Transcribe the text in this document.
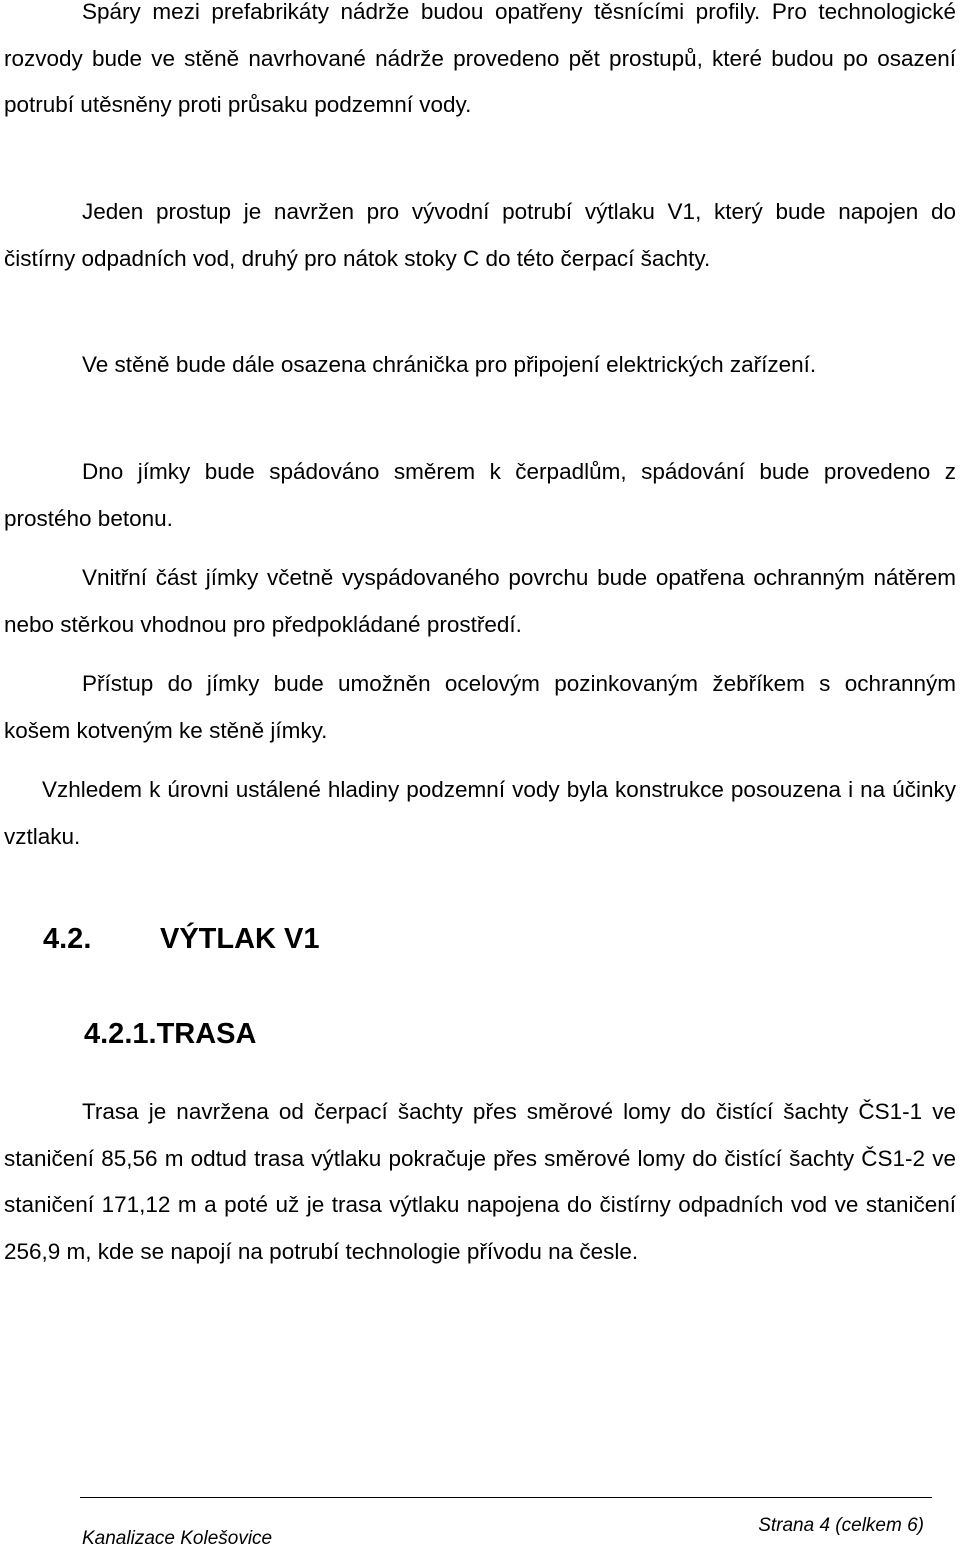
Spáry mezi prefabrikáty nádrže budou opatřeny těsnícími profily. Pro technologické rozvody bude ve stěně navrhované nádrže provedeno pět prostupů, které budou po osazení potrubí utěsněny proti průsaku podzemní vody.

Jeden prostup je navržen pro vývodní potrubí výtlaku V1, který bude napojen do čistírny odpadních vod, druhý pro nátok stoky C do této čerpací šachty.

Ve stěně bude dále osazena chránička pro připojení elektrických zařízení.

Dno jímky bude spádováno směrem k čerpadlům, spádování bude provedeno z prostého betonu.

Vnitřní část jímky včetně vyspádovaného povrchu bude opatřena ochranným nátěrem nebo stěrkou vhodnou pro předpokládané prostředí.

Přístup do jímky bude umožněn ocelovým pozinkovaným žebříkem s ochranným košem kotveným ke stěně jímky.

Vzhledem k úrovni ustálené hladiny podzemní vody byla konstrukce posouzena i na účinky vztlaku.

4.2. VÝTLAK V1
4.2.1.TRASA

Trasa je navržena od čerpací šachty přes směrové lomy do čistící šachty ČS1-1 ve staničení 85,56 m odtud trasa výtlaku pokračuje přes směrové lomy do čistící šachty ČS1-2 ve staničení 171,12 m a poté už je trasa výtlaku napojena do čistírny odpadních vod ve staničení 256,9 m, kde se napojí na potrubí technologie přívodu na česle.

Kanalizace Kolešovice
Strana 4 (celkem 6)
